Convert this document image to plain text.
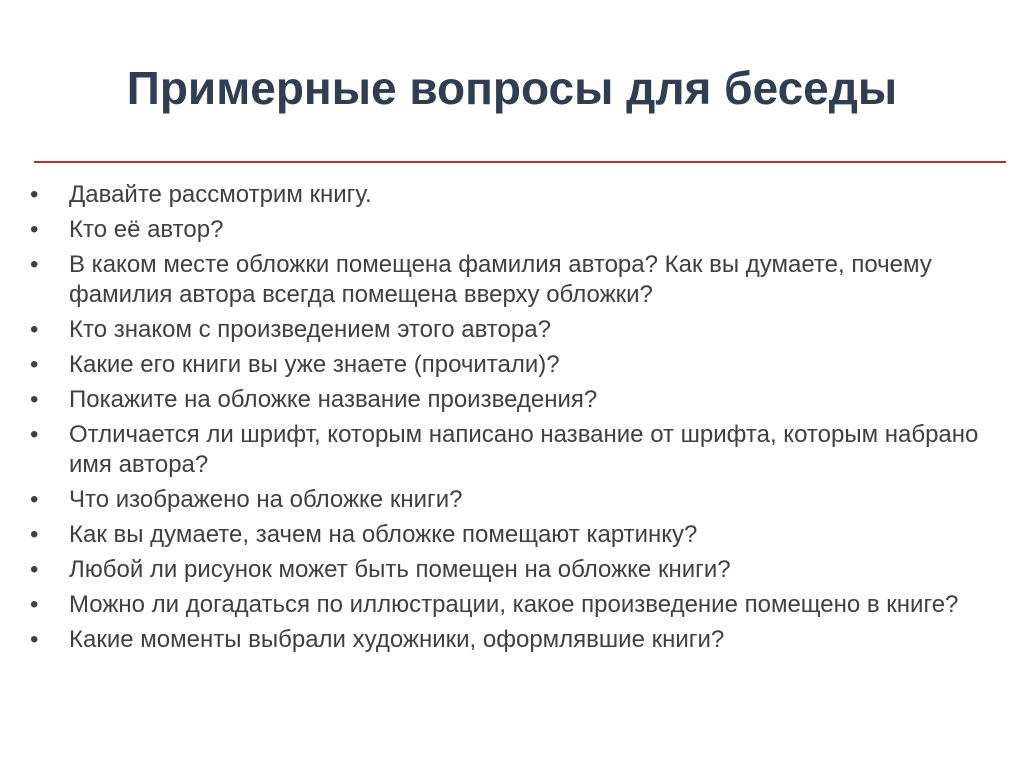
Примерные вопросы для беседы
•	Давайте рассмотрим книгу.
•	Кто её автор?
•	В каком месте обложки помещена фамилия автора? Как вы думаете, почему фамилия автора всегда помещена вверху обложки?
•	Кто знаком с произведением этого автора?
•	Какие его книги вы уже знаете (прочитали)?
•	Покажите на обложке название произведения?
•	Отличается ли шрифт, которым написано название от шрифта, которым набрано имя автора?
•	Что изображено на обложке книги?
•	Как вы думаете, зачем на обложке помещают картинку?
•	Любой ли рисунок может быть помещен на обложке книги?
•	Можно ли догадаться по иллюстрации, какое произведение помещено в книге?
•	Какие моменты выбрали художники, оформлявшие книги?
